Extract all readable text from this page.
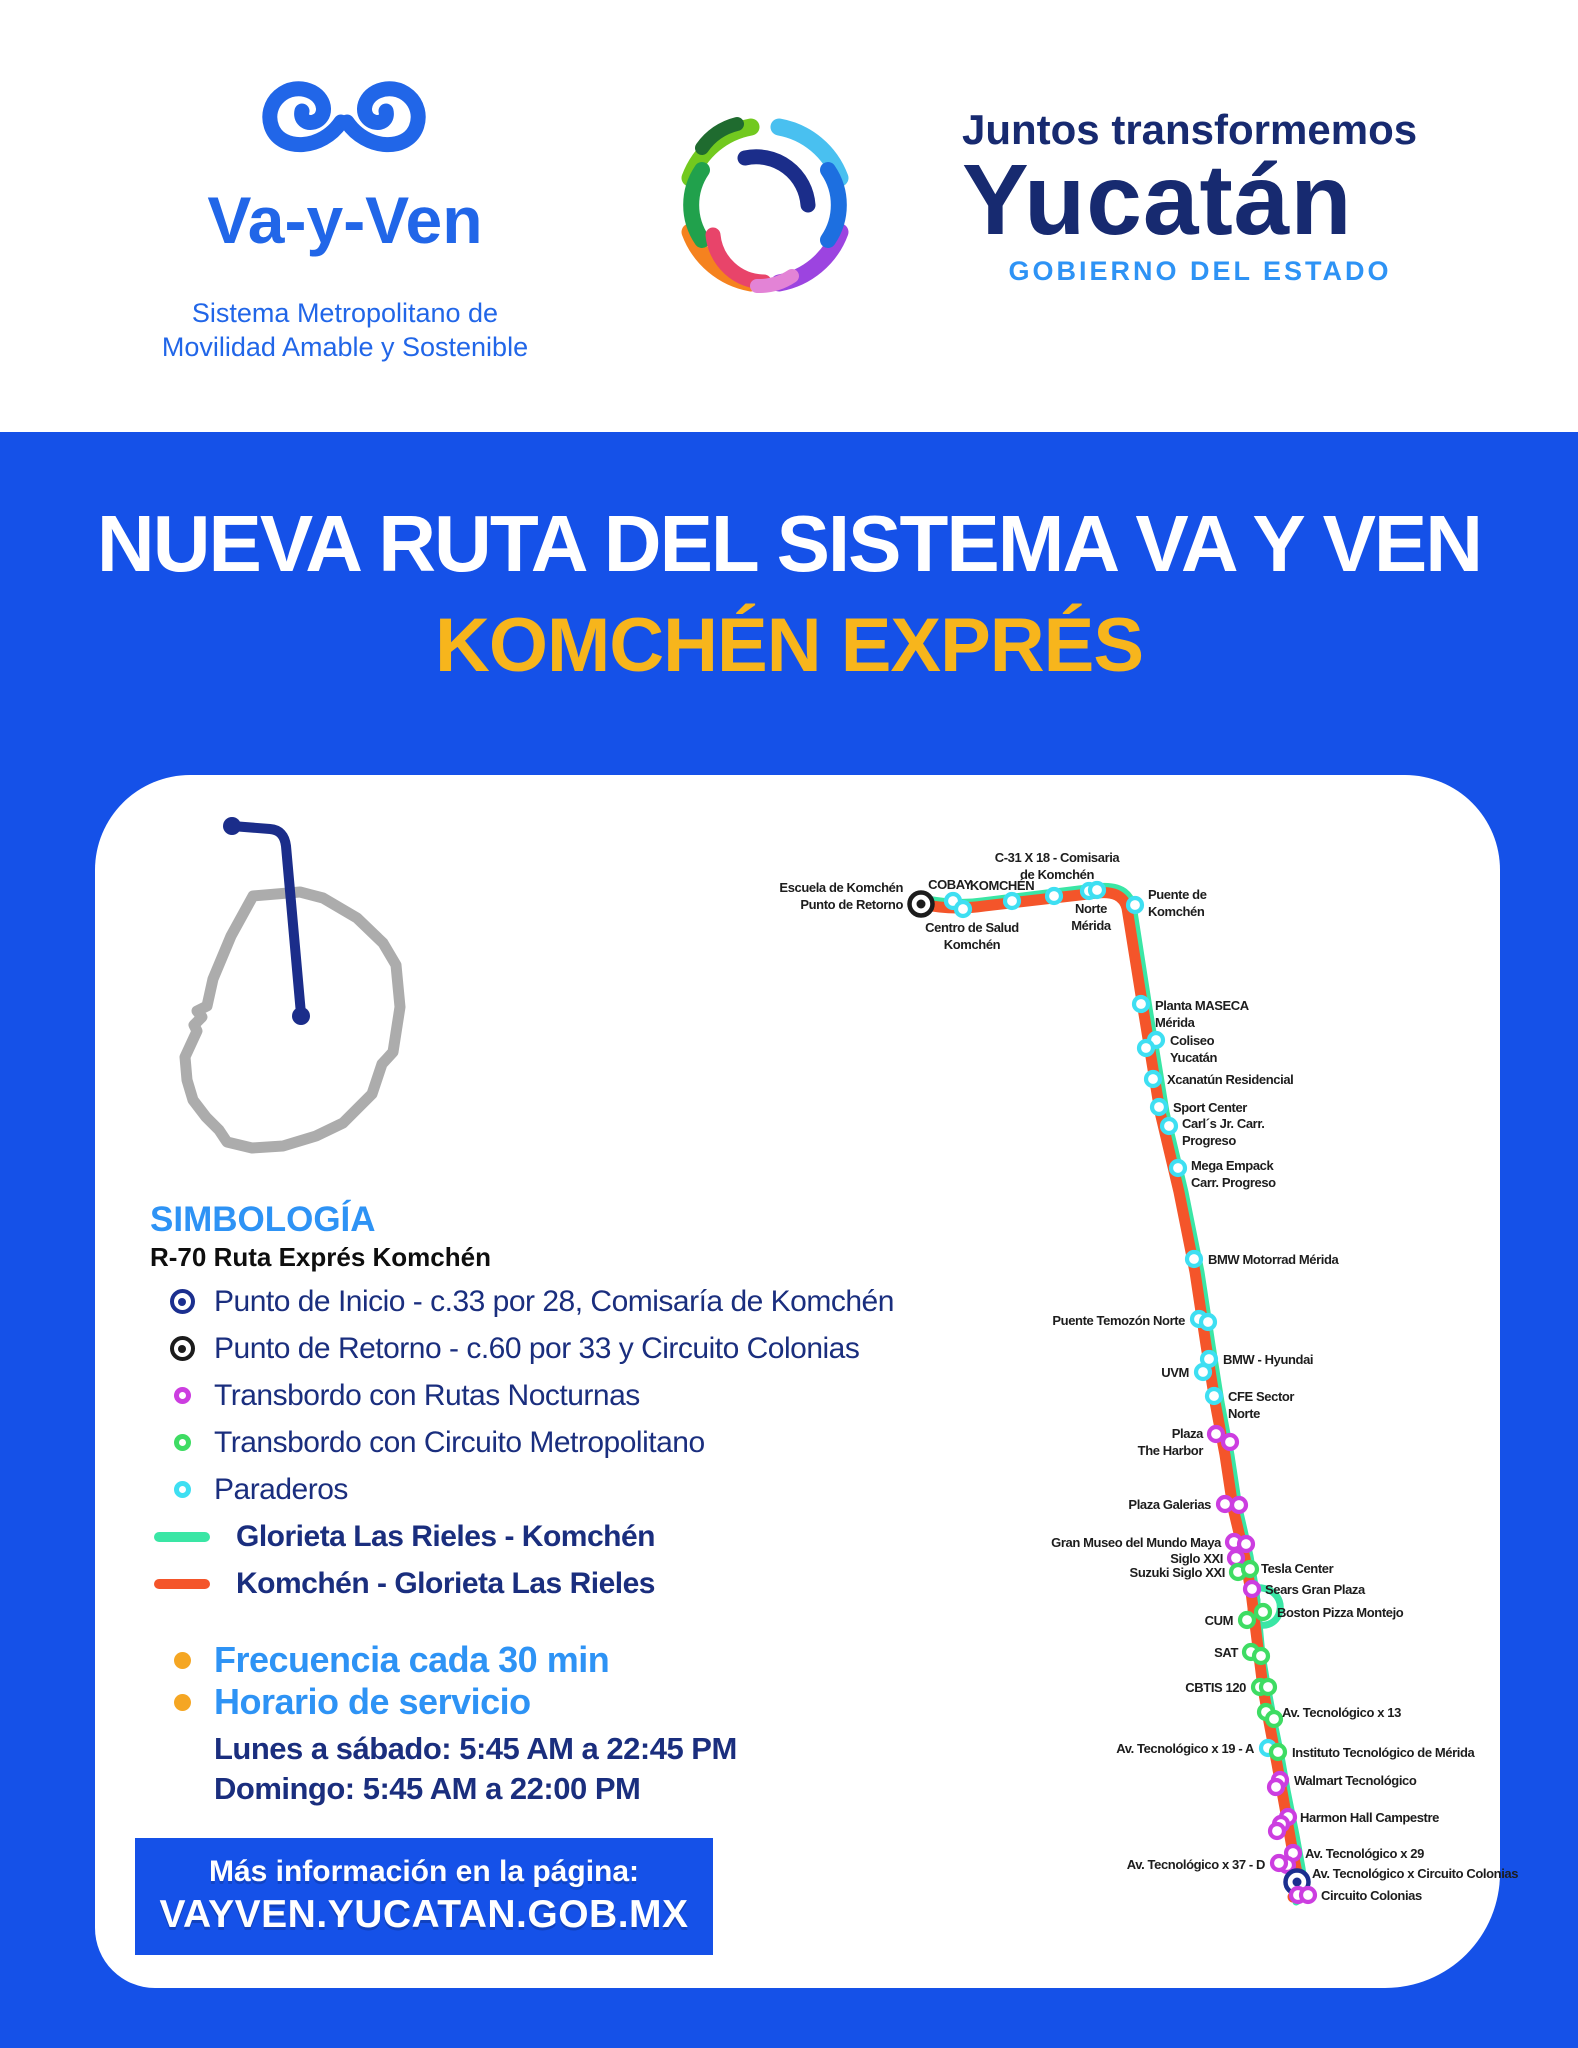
Va-y-Ven
Sistema Metropolitano de
Movilidad Amable y Sostenible
Juntos transformemos
Yucatán
GOBIERNO DEL ESTADO
NUEVA RUTA DEL SISTEMA VA Y VEN
KOMCHÉN EXPRÉS
Escuela de Komchén Punto de Retorno
COBAY
Centro de Salud Komchén
KOMCHÉN
C-31 X 18 - Comisaria de Komchén
Norte Mérida
Puente de Komchén
Planta MASECA Mérida
Coliseo Yucatán
Xcanatún Residencial
Sport Center
Carl´s Jr. Carr. Progreso
Mega Empack Carr. Progreso
BMW Motorrad Mérida
Puente Temozón Norte
BMW - Hyundai
UVM
CFE Sector Norte
Plaza The Harbor
Plaza Galerias
Gran Museo del Mundo Maya
Siglo XXI
Suzuki Siglo XXI	Tesla Center
Sears Gran Plaza
Boston Pizza Montejo
CUM
SAT
CBTIS 120
Av. Tecnológico x 13
Av. Tecnológico x 19 - A	Instituto Tecnológico de Mérida
Walmart Tecnológico
Harmon Hall Campestre
Av. Tecnológico x 29
Av. Tecnológico x 37 - D
Av. Tecnológico x Circuito Colonias
Circuito Colonias
SIMBOLOGÍA
R-70 Ruta Exprés Komchén
Punto de Inicio - c.33 por 28, Comisaría de Komchén
Punto de Retorno - c.60 por 33 y Circuito Colonias
Transbordo con Rutas Nocturnas
Transbordo con Circuito Metropolitano
Paraderos
Glorieta Las Rieles - Komchén
Komchén - Glorieta Las Rieles
Frecuencia cada 30 min
Horario de servicio
Lunes a sábado: 5:45 AM a 22:45 PM
Domingo: 5:45 AM a 22:00 PM
Más información en la página:
VAYVEN.YUCATAN.GOB.MX
